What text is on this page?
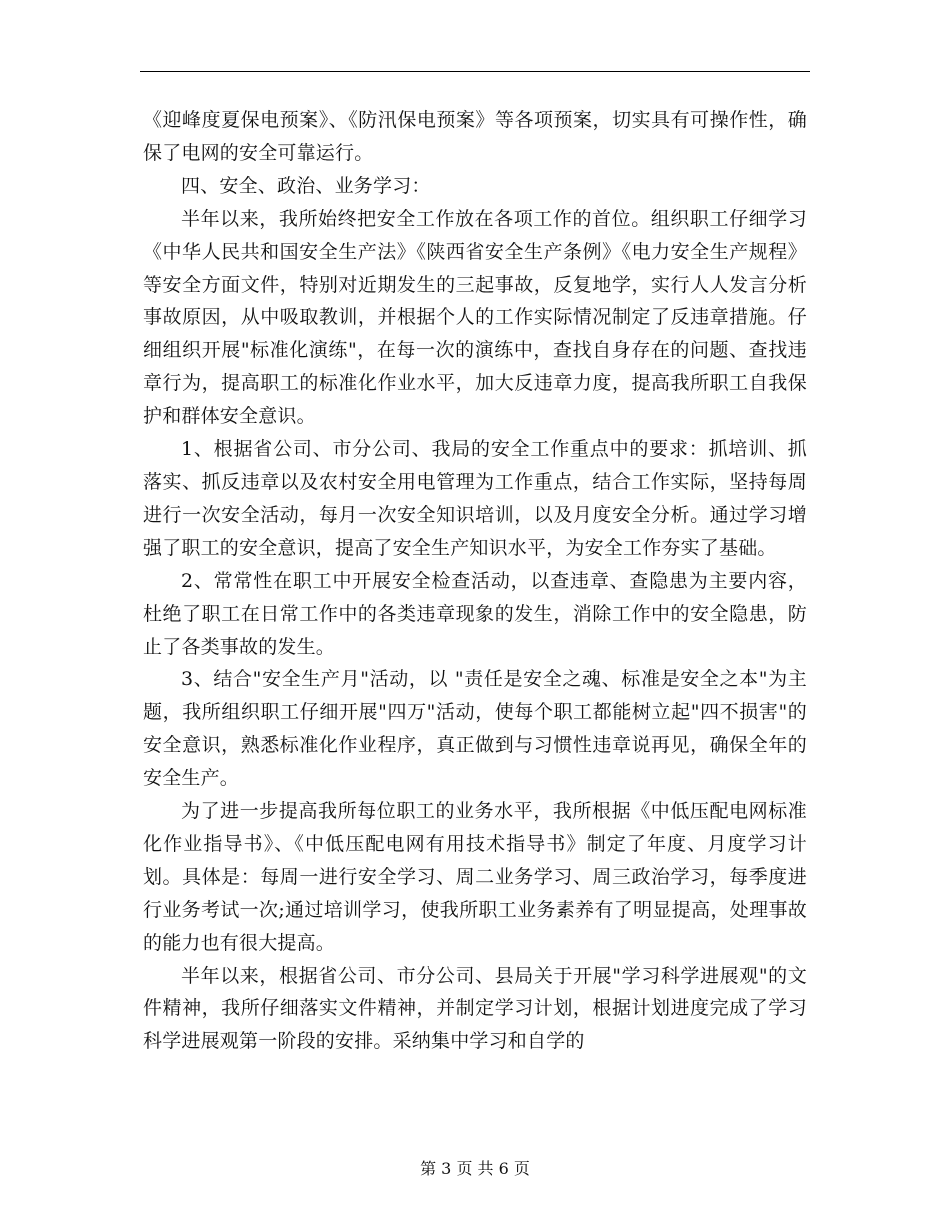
《迎峰度夏保电预案》、《防汛保电预案》等各项预案，切实具有可操作性，确保了电网的安全可靠运行。

四、安全、政治、业务学习：

半年以来，我所始终把安全工作放在各项工作的首位。组织职工仔细学习《中华人民共和国安全生产法》《陕西省安全生产条例》《电力安全生产规程》等安全方面文件，特别对近期发生的三起事故，反复地学，实行人人发言分析事故原因，从中吸取教训，并根据个人的工作实际情况制定了反违章措施。仔细组织开展"标准化演练"，在每一次的演练中，查找自身存在的问题、查找违章行为，提高职工的标准化作业水平，加大反违章力度，提高我所职工自我保护和群体安全意识。

1、根据省公司、市分公司、我局的安全工作重点中的要求：抓培训、抓落实、抓反违章以及农村安全用电管理为工作重点，结合工作实际，坚持每周进行一次安全活动，每月一次安全知识培训，以及月度安全分析。通过学习增强了职工的安全意识，提高了安全生产知识水平，为安全工作夯实了基础。

2、常常性在职工中开展安全检查活动，以查违章、查隐患为主要内容，杜绝了职工在日常工作中的各类违章现象的发生，消除工作中的安全隐患，防止了各类事故的发生。

3、结合"安全生产月"活动，以 "责任是安全之魂、标准是安全之本"为主题，我所组织职工仔细开展"四万"活动，使每个职工都能树立起"四不损害"的安全意识，熟悉标准化作业程序，真正做到与习惯性违章说再见，确保全年的安全生产。

为了进一步提高我所每位职工的业务水平，我所根据《中低压配电网标准化作业指导书》、《中低压配电网有用技术指导书》制定了年度、月度学习计划。具体是：每周一进行安全学习、周二业务学习、周三政治学习，每季度进行业务考试一次;通过培训学习，使我所职工业务素养有了明显提高，处理事故的能力也有很大提高。

半年以来，根据省公司、市分公司、县局关于开展"学习科学进展观"的文件精神，我所仔细落实文件精神，并制定学习计划，根据计划进度完成了学习科学进展观第一阶段的安排。采纳集中学习和自学的

第 3 页 共 6 页
